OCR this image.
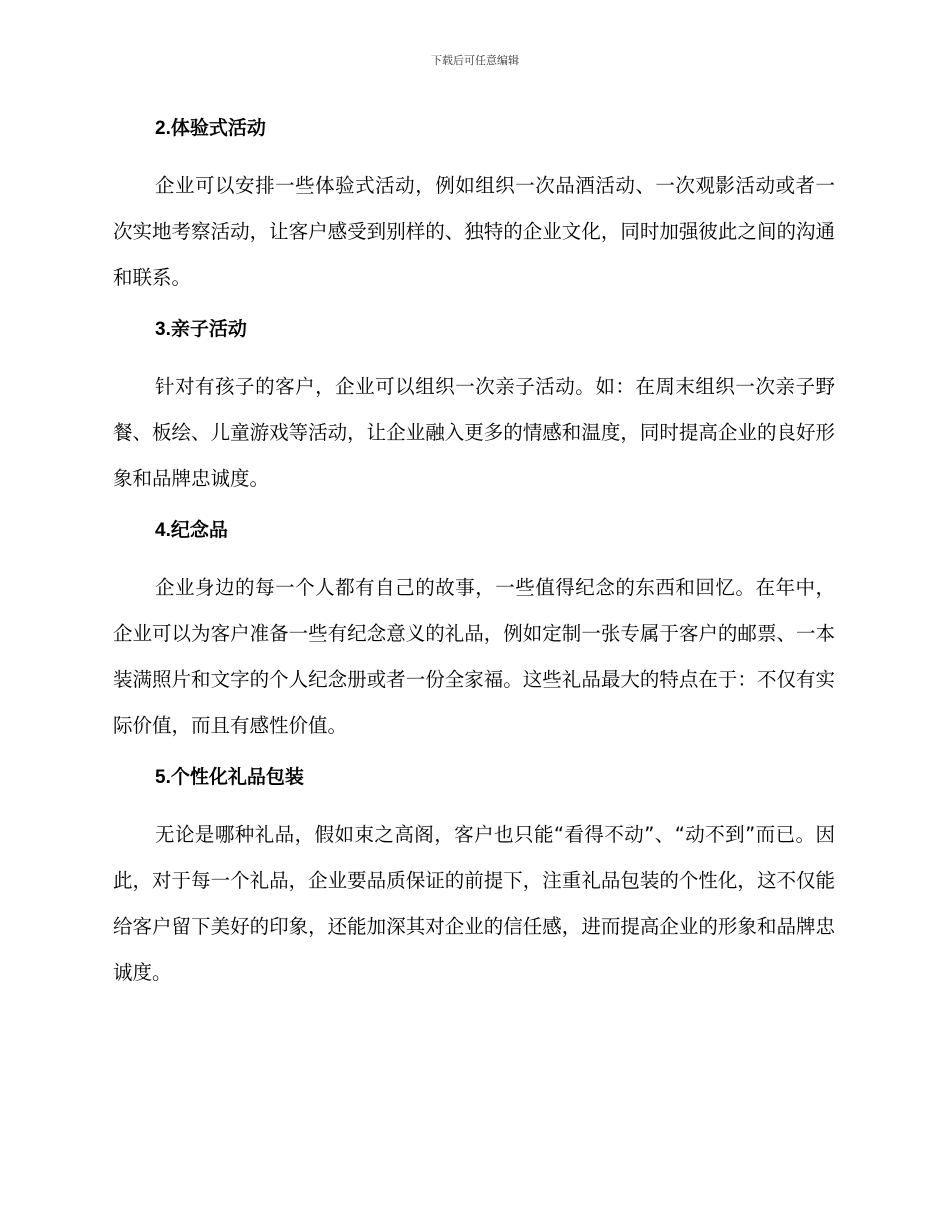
下载后可任意编辑
2.体验式活动

企业可以安排一些体验式活动，例如组织一次品酒活动、一次观影活动或者一次实地考察活动，让客户感受到别样的、独特的企业文化，同时加强彼此之间的沟通和联系。

3.亲子活动

针对有孩子的客户，企业可以组织一次亲子活动。如：在周末组织一次亲子野餐、板绘、儿童游戏等活动，让企业融入更多的情感和温度，同时提高企业的良好形象和品牌忠诚度。

4.纪念品

企业身边的每一个人都有自己的故事，一些值得纪念的东西和回忆。在年中，企业可以为客户准备一些有纪念意义的礼品，例如定制一张专属于客户的邮票、一本装满照片和文字的个人纪念册或者一份全家福。这些礼品最大的特点在于：不仅有实际价值，而且有感性价值。

5.个性化礼品包装

无论是哪种礼品，假如束之高阁，客户也只能“看得不动”、“动不到”而已。因此，对于每一个礼品，企业要品质保证的前提下，注重礼品包装的个性化，这不仅能给客户留下美好的印象，还能加深其对企业的信任感，进而提高企业的形象和品牌忠诚度。
